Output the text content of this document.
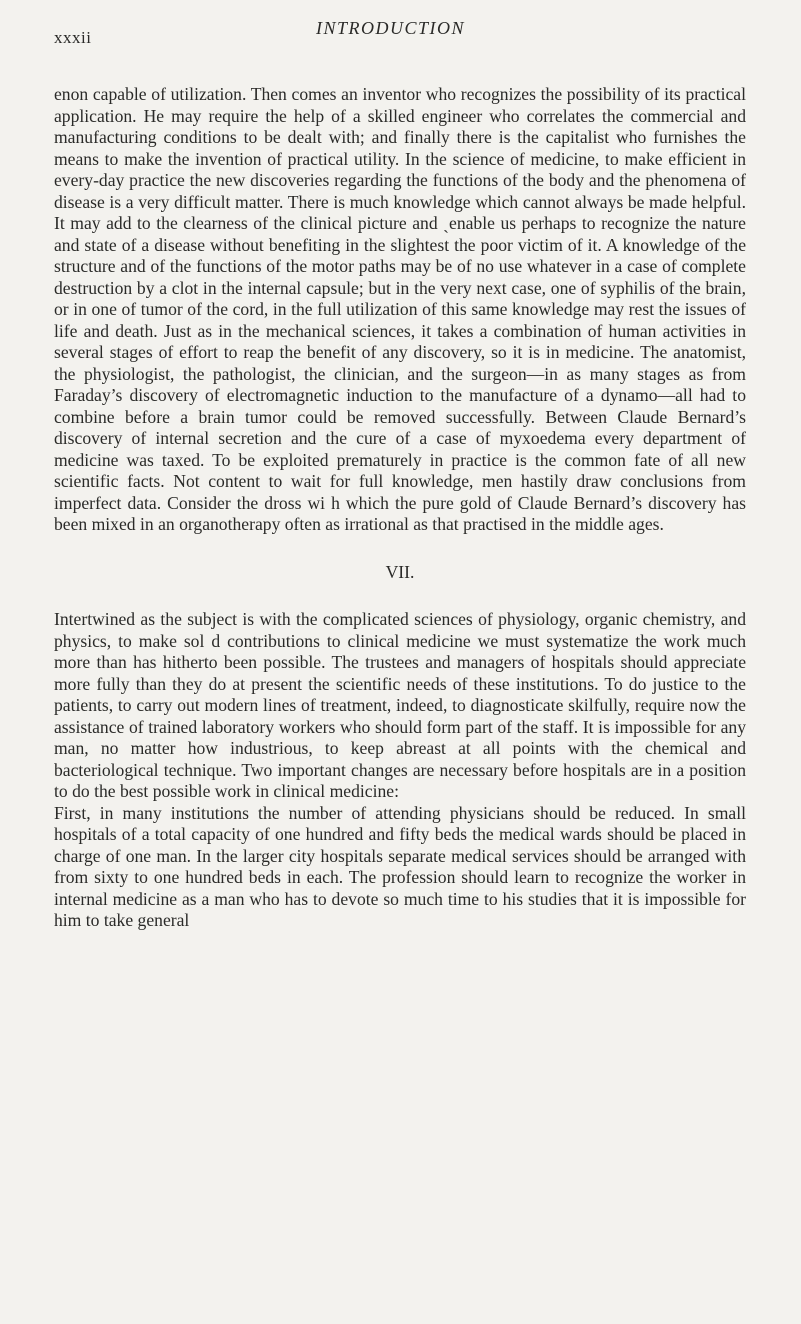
xxxii	INTRODUCTION

enon capable of utilization. Then comes an inventor who recognizes the possibility of its practical application. He may require the help of a skilled engineer who correlates the commercial and manufacturing conditions to be dealt with; and finally there is the capitalist who furnishes the means to make the invention of practical utility. In the science of medicine, to make efficient in every-day practice the new discoveries regarding the functions of the body and the phenomena of disease is a very difficult matter. There is much knowledge which cannot always be made helpful. It may add to the clearness of the clinical picture and ˏenable us perhaps to recognize the nature and state of a disease without benefiting in the slightest the poor victim of it. A knowledge of the structure and of the functions of the motor paths may be of no use whatever in a case of complete destruction by a clot in the internal capsule; but in the very next case, one of syphilis of the brain, or in one of tumor of the cord, in the full utilization of this same knowledge may rest the issues of life and death. Just as in the mechanical sciences, it takes a combination of human activities in several stages of effort to reap the benefit of any discovery, so it is in medicine. The anatomist, the physiologist, the pathologist, the clinician, and the surgeon—in as many stages as from Faraday’s discovery of electromagnetic induction to the manufacture of a dynamo—all had to combine before a brain tumor could be removed successfully. Between Claude Bernard’s discovery of internal secretion and the cure of a case of myxoedema every department of medicine was taxed. To be exploited prematurely in practice is the common fate of all new scientific facts. Not content to wait for full knowledge, men hastily draw conclusions from imperfect data. Consider the dross wi h which the pure gold of Claude Bernard’s discovery has been mixed in an organotherapy often as irrational as that practised in the middle ages.

VII.

Intertwined as the subject is with the complicated sciences of physiology, organic chemistry, and physics, to make sol d contributions to clinical medicine we must systematize the work much more than has hitherto been possible. The trustees and managers of hospitals should appreciate more fully than they do at present the scientific needs of these institutions. To do justice to the patients, to carry out modern lines of treatment, indeed, to diagnosticate skilfully, require now the assistance of trained laboratory workers who should form part of the staff. It is impossible for any man, no matter how industrious, to keep abreast at all points with the chemical and bacteriological technique. Two important changes are necessary before hospitals are in a position to do the best possible work in clinical medicine:

First, in many institutions the number of attending physicians should be reduced. In small hospitals of a total capacity of one hundred and fifty beds the medical wards should be placed in charge of one man. In the larger city hospitals separate medical services should be arranged with from sixty to one hundred beds in each. The profession should learn to recognize the worker in internal medicine as a man who has to devote so much time to his studies that it is impossible for him to take general
